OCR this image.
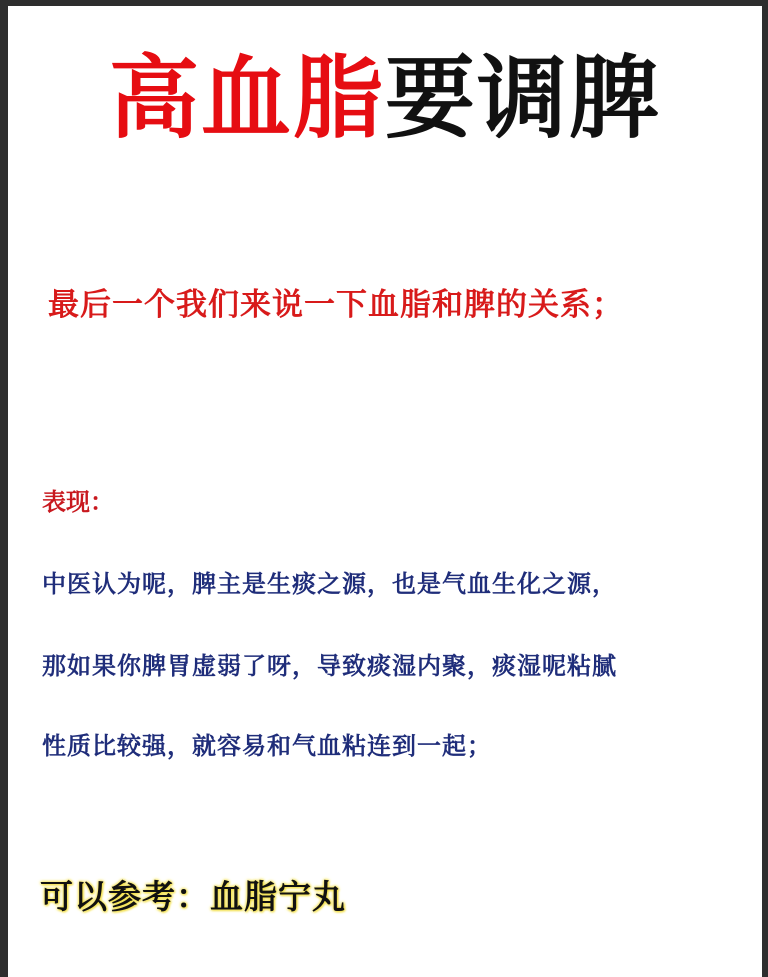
高血脂要调脾
最后一个我们来说一下血脂和脾的关系；
表现：
中医认为呢，脾主是生痰之源，也是气血生化之源，
那如果你脾胃虚弱了呀，导致痰湿内聚，痰湿呢粘腻
性质比较强，就容易和气血粘连到一起；
可以参考：血脂宁丸
